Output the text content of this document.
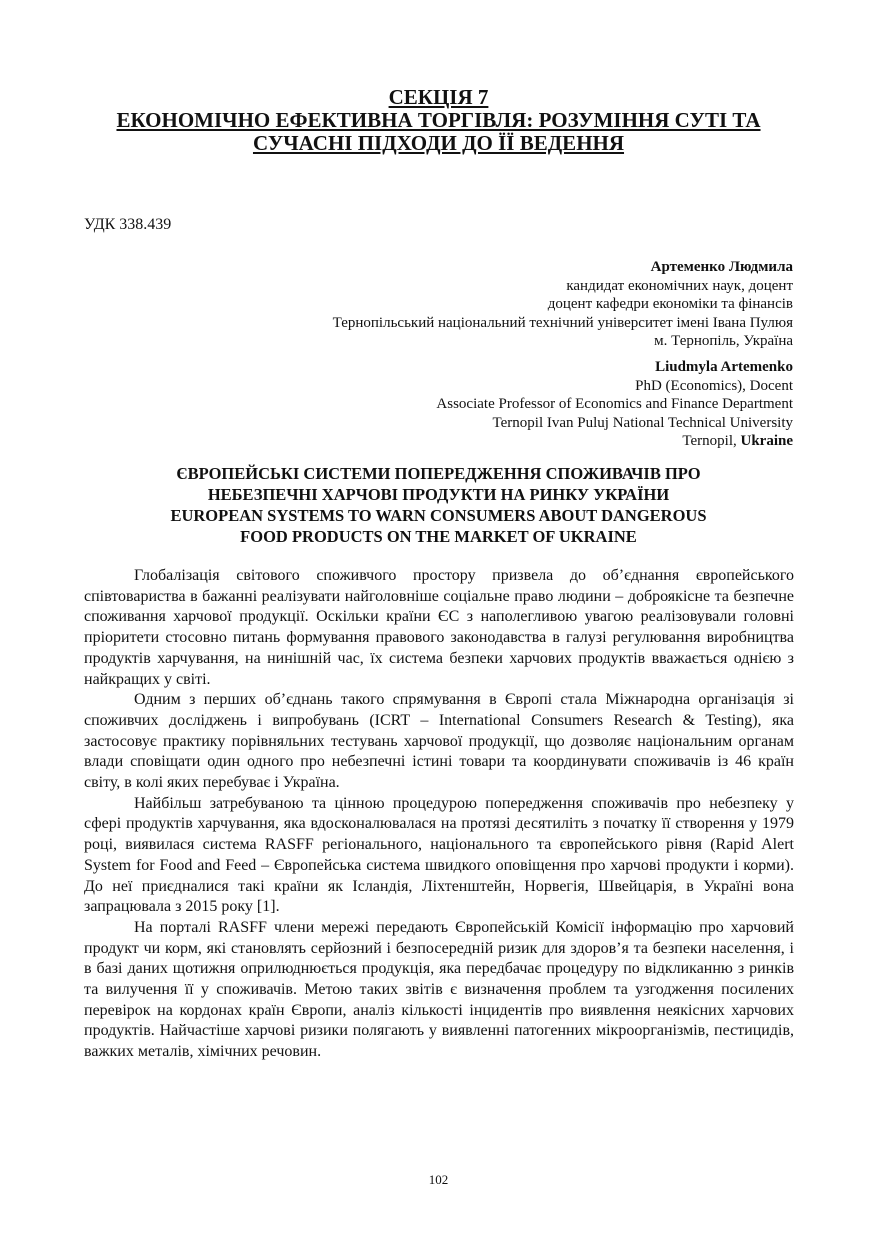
СЕКЦІЯ 7
ЕКОНОМІЧНО ЕФЕКТИВНА ТОРГІВЛЯ: РОЗУМІННЯ СУТІ ТА
СУЧАСНІ ПІДХОДИ ДО ЇЇ ВЕДЕННЯ
УДК 338.439
Артеменко Людмила
кандидат економічних наук, доцент
доцент кафедри економіки та фінансів
Тернопільський національний технічний університет імені Івана Пулюя
м. Тернопіль, Україна
Liudmyla Artemenko
PhD (Economics), Docent
Associate Professor of Economics and Finance Department
Ternopil Ivan Puluj National Technical University
Ternopil, Ukraine
ЄВРОПЕЙСЬКІ СИСТЕМИ ПОПЕРЕДЖЕННЯ СПОЖИВАЧІВ ПРО
НЕБЕЗПЕЧНІ ХАРЧОВІ ПРОДУКТИ НА РИНКУ УКРАЇНИ
EUROPEAN SYSTEMS TO WARN CONSUMERS ABOUT DANGEROUS
FOOD PRODUCTS ON THE MARKET OF UKRAINE

Глобалізація світового споживчого простору призвела до об’єднання європейського співтовариства в бажанні реалізувати найголовніше соціальне право людини – доброякісне та безпечне споживання харчової продукції. Оскільки країни ЄС з наполегливою увагою реалізовували головні пріоритети стосовно питань формування правового законодавства в галузі регулювання виробництва продуктів харчування, на нинішній час, їх система безпеки харчових продуктів вважається однією з найкращих у світі.

Одним з перших об’єднань такого спрямування в Європі стала Міжнародна організація зі споживчих досліджень і випробувань (ICRT – International Consumers Research & Testing), яка застосовує практику порівняльних тестувань харчової продукції, що дозволяє національним органам влади сповіщати один одного про небезпечні істині товари та координувати споживачів із 46 країн світу, в колі яких перебуває і Україна.

Найбільш затребуваною та цінною процедурою попередження споживачів про небезпеку у сфері продуктів харчування, яка вдосконалювалася на протязі десятиліть з початку її створення у 1979 році, виявилася система RASFF регіонального, національного та європейського рівня (Rapid Alert System for Food and Feed – Європейська система швидкого оповіщення про харчові продукти і корми). До неї приєдналися такі країни як Ісландія, Ліхтенштейн, Норвегія, Швейцарія, в Україні вона запрацювала з 2015 року [1].

На порталі RASFF члени мережі передають Європейській Комісії інформацію про харчовий продукт чи корм, які становлять серйозний і безпосередній ризик для здоров’я та безпеки населення, і в базі даних щотижня оприлюднюється продукція, яка передбачає процедуру по відкликанню з ринків та вилучення її у споживачів. Метою таких звітів є визначення проблем та узгодження посилених перевірок на кордонах країн Європи, аналіз кількості інцидентів про виявлення неякісних харчових продуктів. Найчастіше харчові ризики полягають у виявленні патогенних мікроорганізмів, пестицидів, важких металів, хімічних речовин.

102
